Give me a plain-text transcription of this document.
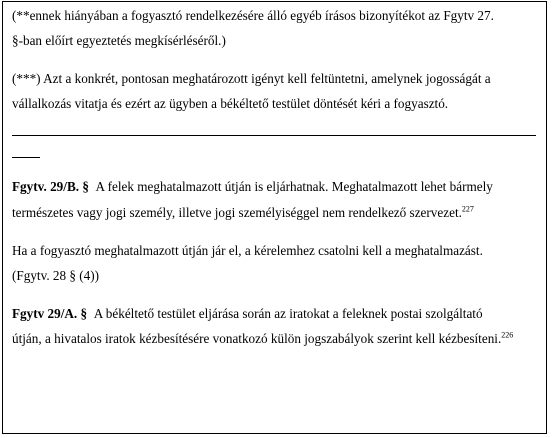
(**ennek hiányában a fogyasztó rendelkezésére álló egyéb írásos bizonyítékot az Fgytv 27.

§-ban előírt egyeztetés megkísérléséről.)

(***) Azt a konkrét, pontosan meghatározott igényt kell feltüntetni, amelynek jogosságát a

vállalkozás vitatja és ezért az ügyben a békéltető testület döntését kéri a fogyasztó.

Fgytv. 29/B. § A felek meghatalmazott útján is eljárhatnak. Meghatalmazott lehet bármely

természetes vagy jogi személy, illetve jogi személyiséggel nem rendelkező szervezet.$^{227}$

Ha a fogyasztó meghatalmazott útján jár el, a kérelemhez csatolni kell a meghatalmazást.

(Fgytv. 28 § (4))

Fgytv 29/A. § A békéltető testület eljárása során az iratokat a feleknek postai szolgáltató

útján, a hivatalos iratok kézbesítésére vonatkozó külön jogszabályok szerint kell kézbesíteni.$^{226}$
